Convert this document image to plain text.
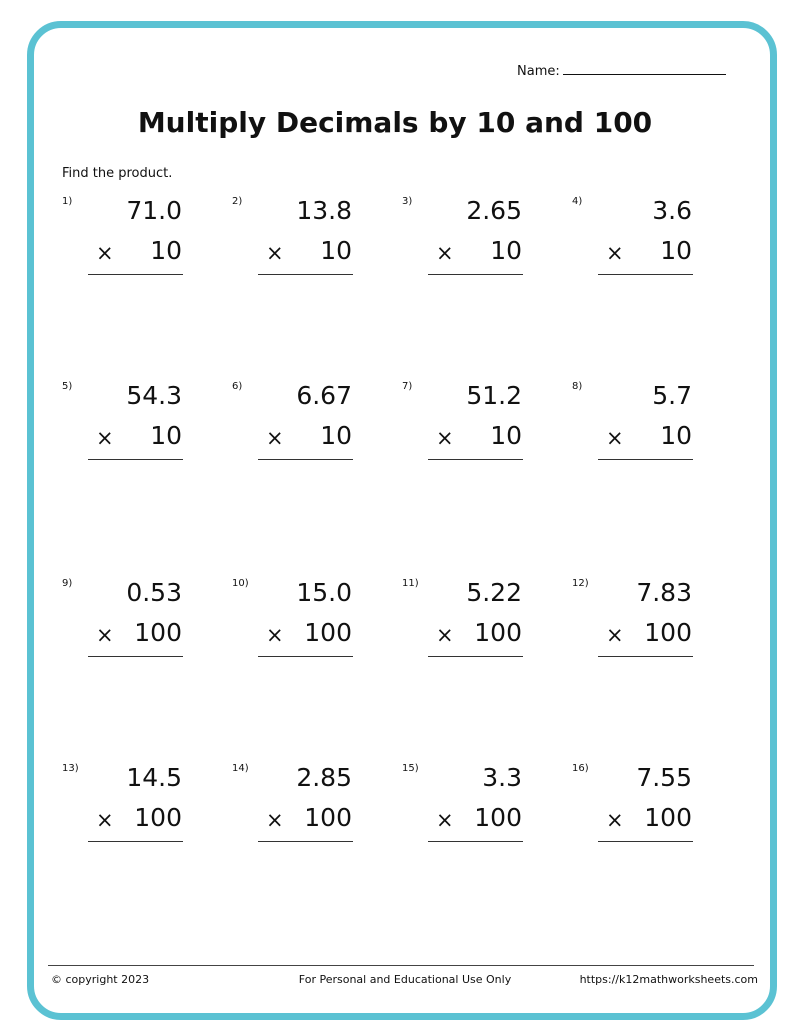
Name:
Multiply Decimals by 10 and 100
Find the product.
1) 71.0
× 10
2) 13.8
× 10
3) 2.65
× 10
4)	3.6
× 10
5) 54.3
× 10
6) 6.67
× 10
7) 51.2
× 10
8)	5.7
× 10
9) 0.53
× 100
10) 15.0
× 100
11) 5.22
× 100
12) 7.83
× 100
13) 14.5
× 100
14) 2.85
× 100
15)	3.3
× 100
16) 7.55
× 100
© copyright 2023	For Personal and Educational Use Only	https://k12mathworksheets.com
